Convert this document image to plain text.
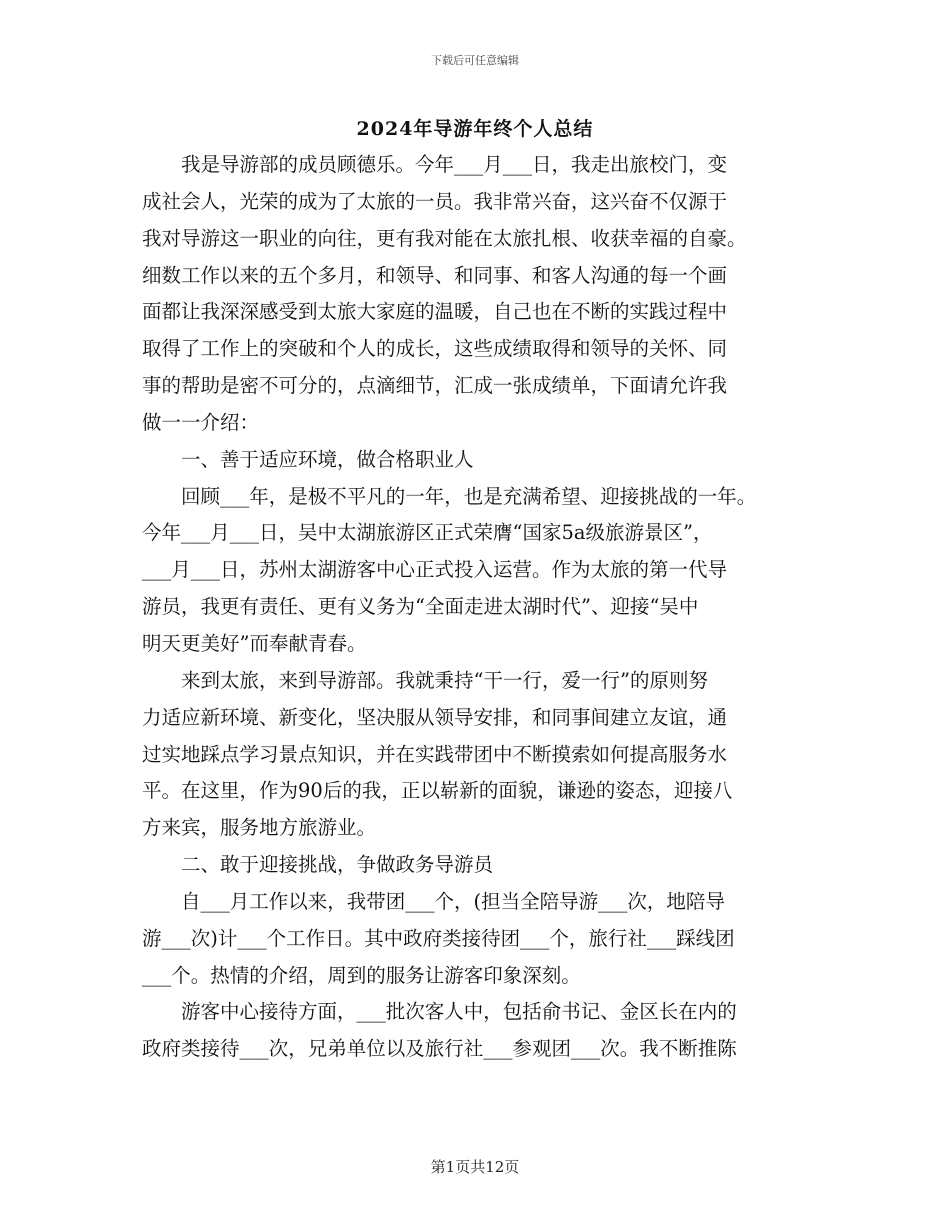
下载后可任意编辑
2024年导游年终个人总结
　　我是导游部的成员顾德乐。今年___月___日，我走出旅校门，变
成社会人，光荣的成为了太旅的一员。我非常兴奋，这兴奋不仅源于
我对导游这一职业的向往，更有我对能在太旅扎根、收获幸福的自豪。
细数工作以来的五个多月，和领导、和同事、和客人沟通的每一个画
面都让我深深感受到太旅大家庭的温暖，自己也在不断的实践过程中
取得了工作上的突破和个人的成长，这些成绩取得和领导的关怀、同
事的帮助是密不可分的，点滴细节，汇成一张成绩单，下面请允许我
做一一介绍：
　　一、善于适应环境，做合格职业人
　　回顾___年，是极不平凡的一年，也是充满希望、迎接挑战的一年。
今年___月___日，吴中太湖旅游区正式荣膺“国家5a级旅游景区”，
___月___日，苏州太湖游客中心正式投入运营。作为太旅的第一代导
游员，我更有责任、更有义务为“全面走进太湖时代”、迎接“吴中
明天更美好”而奉献青春。
　　来到太旅，来到导游部。我就秉持“干一行，爱一行”的原则努
力适应新环境、新变化，坚决服从领导安排，和同事间建立友谊，通
过实地踩点学习景点知识，并在实践带团中不断摸索如何提高服务水
平。在这里，作为90后的我，正以崭新的面貌，谦逊的姿态，迎接八
方来宾，服务地方旅游业。
　　二、敢于迎接挑战，争做政务导游员
　　自___月工作以来，我带团___个，(担当全陪导游___次，地陪导
游___次)计___个工作日。其中政府类接待团___个，旅行社___踩线团
___个。热情的介绍，周到的服务让游客印象深刻。
　　游客中心接待方面，___批次客人中，包括俞书记、金区长在内的
政府类接待___次，兄弟单位以及旅行社___参观团___次。我不断推陈
第1页共12页
